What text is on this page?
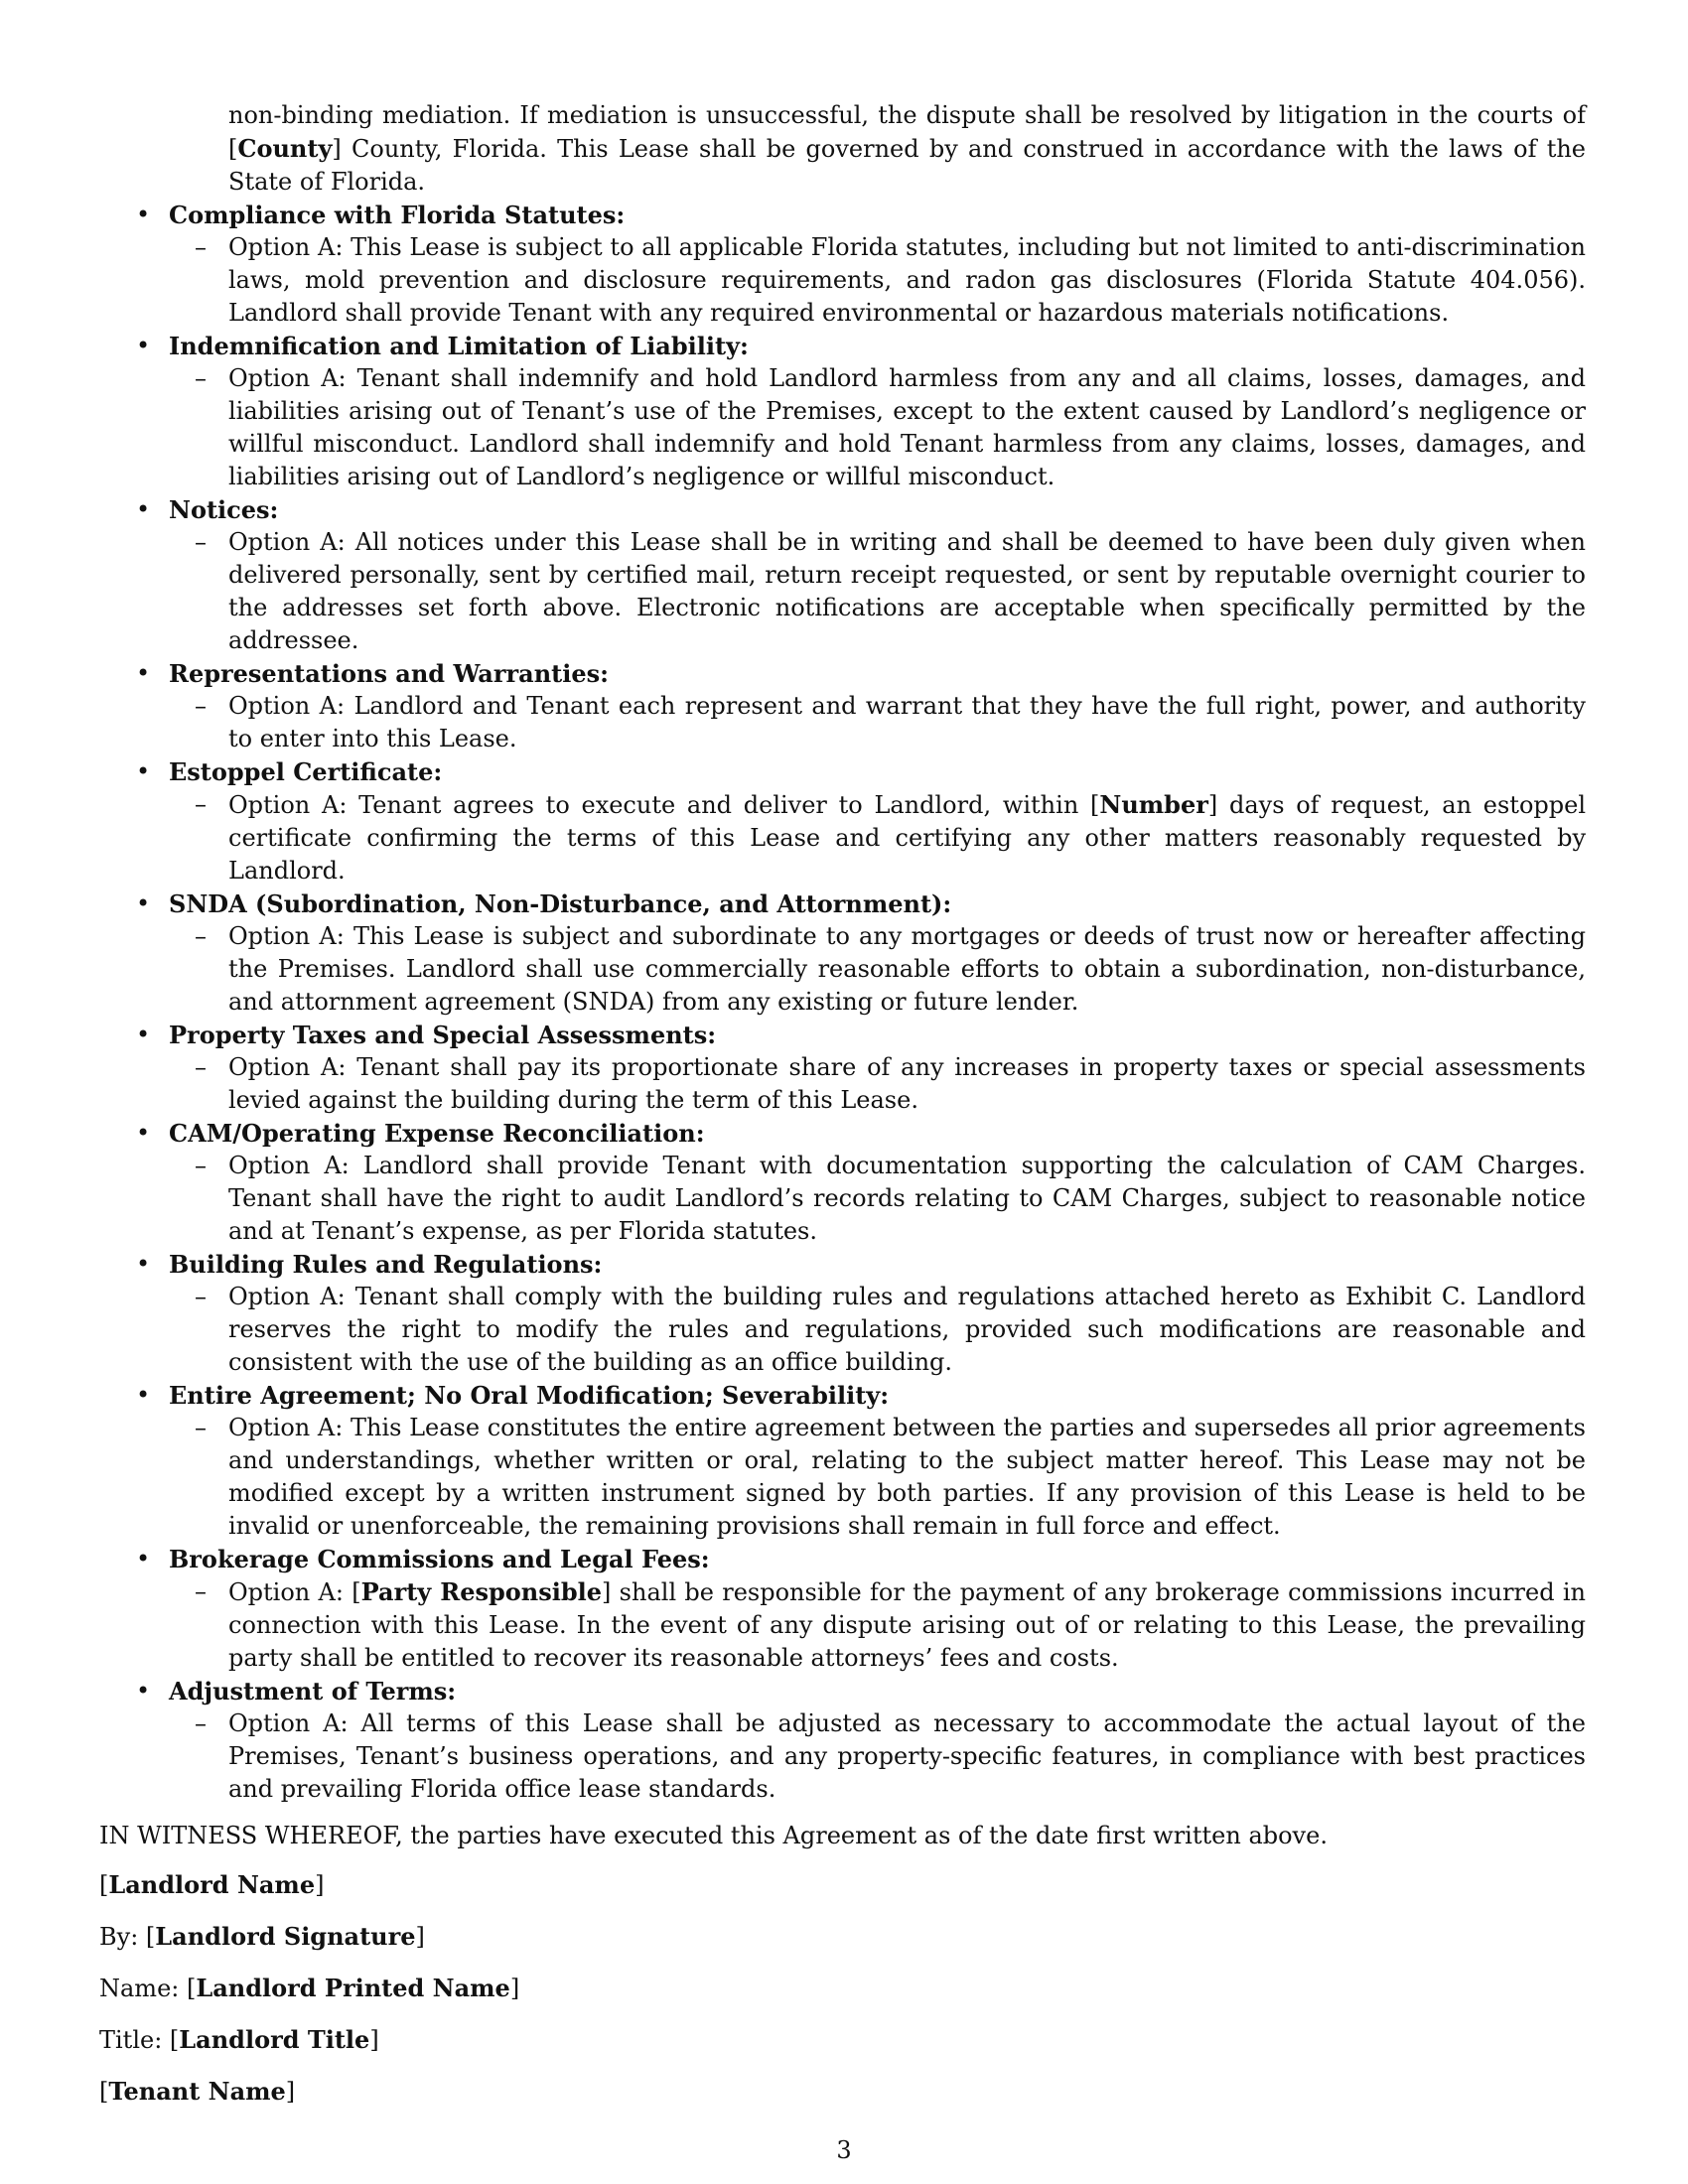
non-binding mediation. If mediation is unsuccessful, the dispute shall be resolved by litigation in the courts of [County] County, Florida. This Lease shall be governed by and construed in accordance with the laws of the State of Florida.

• Compliance with Florida Statutes:
– Option A: This Lease is subject to all applicable Florida statutes, including but not limited to anti-discrimination laws, mold prevention and disclosure requirements, and radon gas disclosures (Florida Statute 404.056). Landlord shall provide Tenant with any required environmental or hazardous materials notifications.
• Indemnification and Limitation of Liability:
– Option A: Tenant shall indemnify and hold Landlord harmless from any and all claims, losses, damages, and liabilities arising out of Tenant’s use of the Premises, except to the extent caused by Landlord’s negligence or willful misconduct. Landlord shall indemnify and hold Tenant harmless from any claims, losses, damages, and liabilities arising out of Landlord’s negligence or willful misconduct.
• Notices:
– Option A: All notices under this Lease shall be in writing and shall be deemed to have been duly given when delivered personally, sent by certified mail, return receipt requested, or sent by reputable overnight courier to the addresses set forth above. Electronic notifications are acceptable when specifically permitted by the addressee.
• Representations and Warranties:
– Option A: Landlord and Tenant each represent and warrant that they have the full right, power, and authority to enter into this Lease.
• Estoppel Certificate:
– Option A: Tenant agrees to execute and deliver to Landlord, within [Number] days of request, an estoppel certificate confirming the terms of this Lease and certifying any other matters reasonably requested by Landlord.
• SNDA (Subordination, Non-Disturbance, and Attornment):
– Option A: This Lease is subject and subordinate to any mortgages or deeds of trust now or hereafter affecting the Premises. Landlord shall use commercially reasonable efforts to obtain a subordination, non-disturbance, and attornment agreement (SNDA) from any existing or future lender.
• Property Taxes and Special Assessments:
– Option A: Tenant shall pay its proportionate share of any increases in property taxes or special assessments levied against the building during the term of this Lease.
• CAM/Operating Expense Reconciliation:
– Option A: Landlord shall provide Tenant with documentation supporting the calculation of CAM Charges. Tenant shall have the right to audit Landlord’s records relating to CAM Charges, subject to reasonable notice and at Tenant’s expense, as per Florida statutes.
• Building Rules and Regulations:
– Option A: Tenant shall comply with the building rules and regulations attached hereto as Exhibit C. Landlord reserves the right to modify the rules and regulations, provided such modifications are reasonable and consistent with the use of the building as an office building.
• Entire Agreement; No Oral Modification; Severability:
– Option A: This Lease constitutes the entire agreement between the parties and supersedes all prior agreements and understandings, whether written or oral, relating to the subject matter hereof. This Lease may not be modified except by a written instrument signed by both parties. If any provision of this Lease is held to be invalid or unenforceable, the remaining provisions shall remain in full force and effect.
• Brokerage Commissions and Legal Fees:
– Option A: [Party Responsible] shall be responsible for the payment of any brokerage commissions incurred in connection with this Lease. In the event of any dispute arising out of or relating to this Lease, the prevailing party shall be entitled to recover its reasonable attorneys’ fees and costs.
• Adjustment of Terms:
– Option A: All terms of this Lease shall be adjusted as necessary to accommodate the actual layout of the Premises, Tenant’s business operations, and any property-specific features, in compliance with best practices and prevailing Florida office lease standards.

IN WITNESS WHEREOF, the parties have executed this Agreement as of the date first written above.

[Landlord Name]

By: [Landlord Signature]

Name: [Landlord Printed Name]

Title: [Landlord Title]

[Tenant Name]

3
